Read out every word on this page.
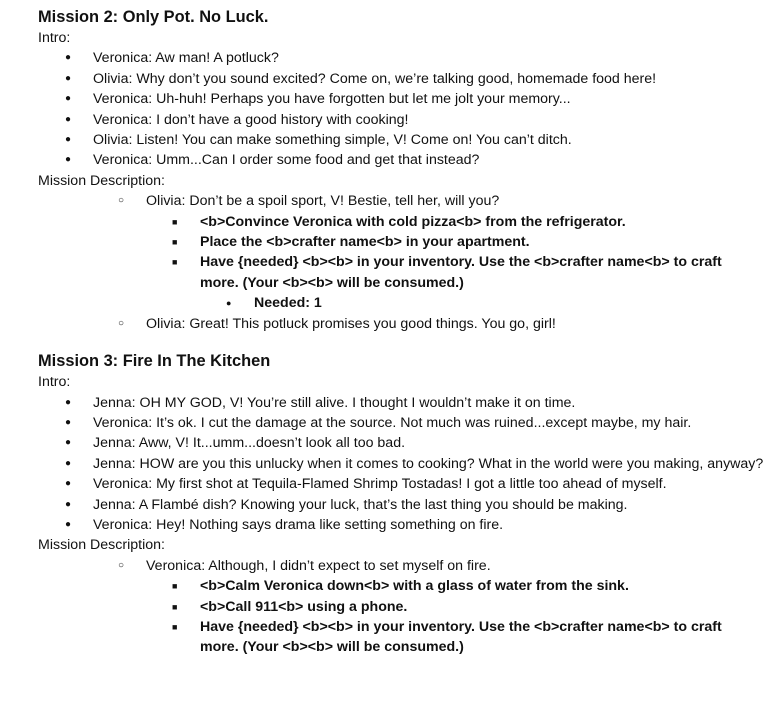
Mission 2: Only Pot. No Luck.
Intro:
● Veronica: Aw man! A potluck?
● Olivia: Why don’t you sound excited? Come on, we’re talking good, homemade food here!
● Veronica: Uh-huh! Perhaps you have forgotten but let me jolt your memory...
● Veronica: I don’t have a good history with cooking!
● Olivia: Listen! You can make something simple, V! Come on! You can’t ditch.
● Veronica: Umm...Can I order some food and get that instead?
Mission Description:
○ Olivia: Don’t be a spoil sport, V! Bestie, tell her, will you?
■ <b>Convince Veronica with cold pizza<b> from the refrigerator.
■ Place the <b>crafter name<b> in your apartment.
■ Have {needed} <b><b> in your inventory. Use the <b>crafter name<b> to craft more. (Your <b><b> will be consumed.)
● Needed: 1
○ Olivia: Great! This potluck promises you good things. You go, girl!
Mission 3: Fire In The Kitchen
Intro:
● Jenna: OH MY GOD, V! You’re still alive. I thought I wouldn’t make it on time.
● Veronica: It’s ok. I cut the damage at the source. Not much was ruined...except maybe, my hair.
● Jenna: Aww, V! It...umm...doesn’t look all too bad.
● Jenna: HOW are you this unlucky when it comes to cooking? What in the world were you making, anyway?
● Veronica: My first shot at Tequila-Flamed Shrimp Tostadas! I got a little too ahead of myself.
● Jenna: A Flambé dish? Knowing your luck, that’s the last thing you should be making.
● Veronica: Hey! Nothing says drama like setting something on fire.
Mission Description:
○ Veronica: Although, I didn’t expect to set myself on fire.
■ <b>Calm Veronica down<b> with a glass of water from the sink.
■ <b>Call 911<b> using a phone.
■ Have {needed} <b><b> in your inventory. Use the <b>crafter name<b> to craft more. (Your <b><b> will be consumed.)
